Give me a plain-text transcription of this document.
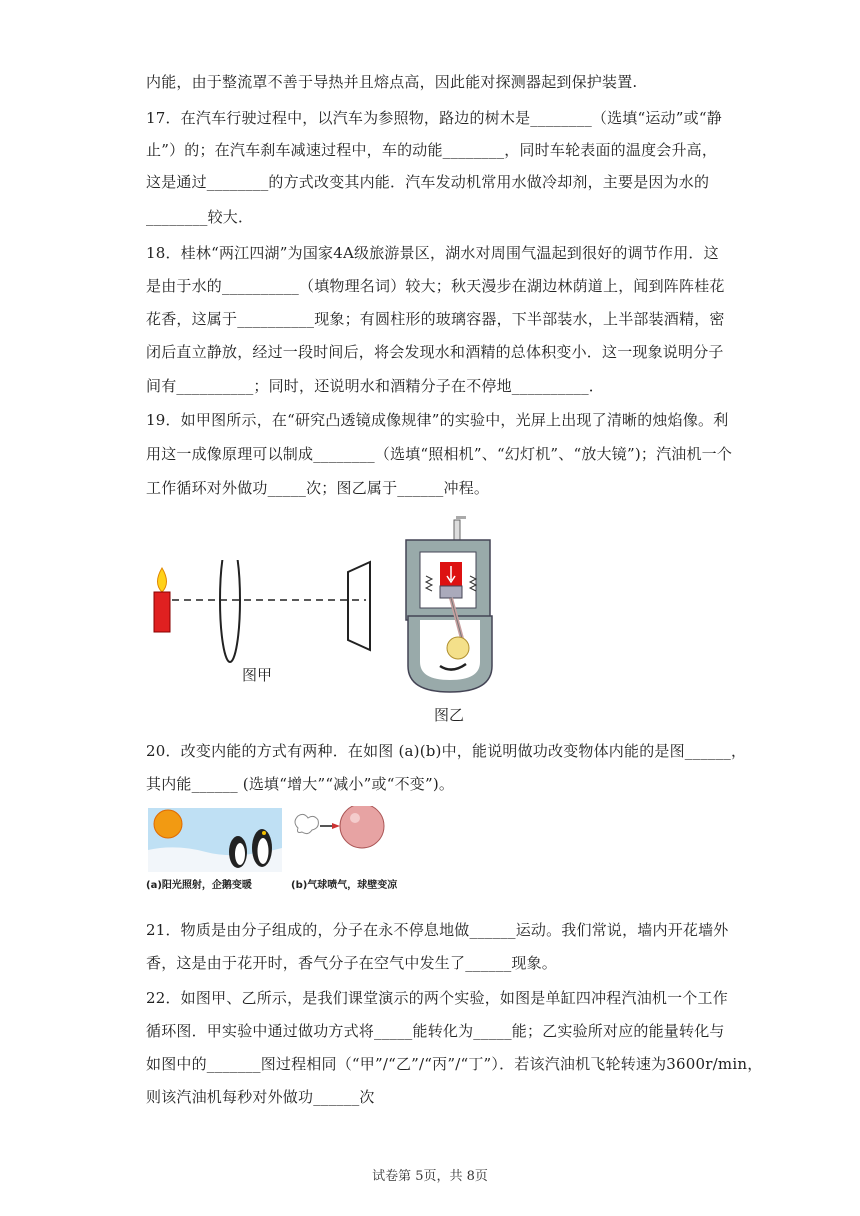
内能，由于整流罩不善于导热并且熔点高，因此能对探测器起到保护装置.
17．在汽车行驶过程中，以汽车为参照物，路边的树木是________（选填“运动”或“静
止”）的；在汽车刹车减速过程中，车的动能________，同时车轮表面的温度会升高，
这是通过________的方式改变其内能．汽车发动机常用水做冷却剂，主要是因为水的
________较大．
18．桂林“两江四湖”为国家4A级旅游景区，湖水对周围气温起到很好的调节作用．这
是由于水的__________（填物理名词）较大；秋天漫步在湖边林荫道上，闻到阵阵桂花
花香，这属于__________现象；有圆柱形的玻璃容器，下半部装水，上半部装酒精，密
闭后直立静放，经过一段时间后，将会发现水和酒精的总体积变小．这一现象说明分子
间有__________；同时，还说明水和酒精分子在不停地__________．
19．如甲图所示，在“研究凸透镜成像规律”的实验中，光屏上出现了清晰的烛焰像。利
用这一成像原理可以制成________（选填“照相机”、“幻灯机”、“放大镜”)；汽油机一个
工作循环对外做功_____次；图乙属于______冲程。
20．改变内能的方式有两种．在如图 (a)(b)中，能说明做功改变物体内能的是图______，
其内能______ (选填“增大”“减小”或“不变”)。
21．物质是由分子组成的，分子在永不停息地做______运动。我们常说，墙内开花墙外
香，这是由于花开时，香气分子在空气中发生了______现象。
22．如图甲、乙所示，是我们课堂演示的两个实验，如图是单缸四冲程汽油机一个工作
循环图．甲实验中通过做功方式将_____能转化为_____能；乙实验所对应的能量转化与
如图中的_______图过程相同（“甲”/“乙”/“丙”/“丁”）．若该汽油机飞轮转速为3600r/min，
则该汽油机每秒对外做功______次
图甲
图乙
(a)阳光照射，企鹅变暖	(b)气球喷气，球壁变凉
试卷第 5页，共 8页
